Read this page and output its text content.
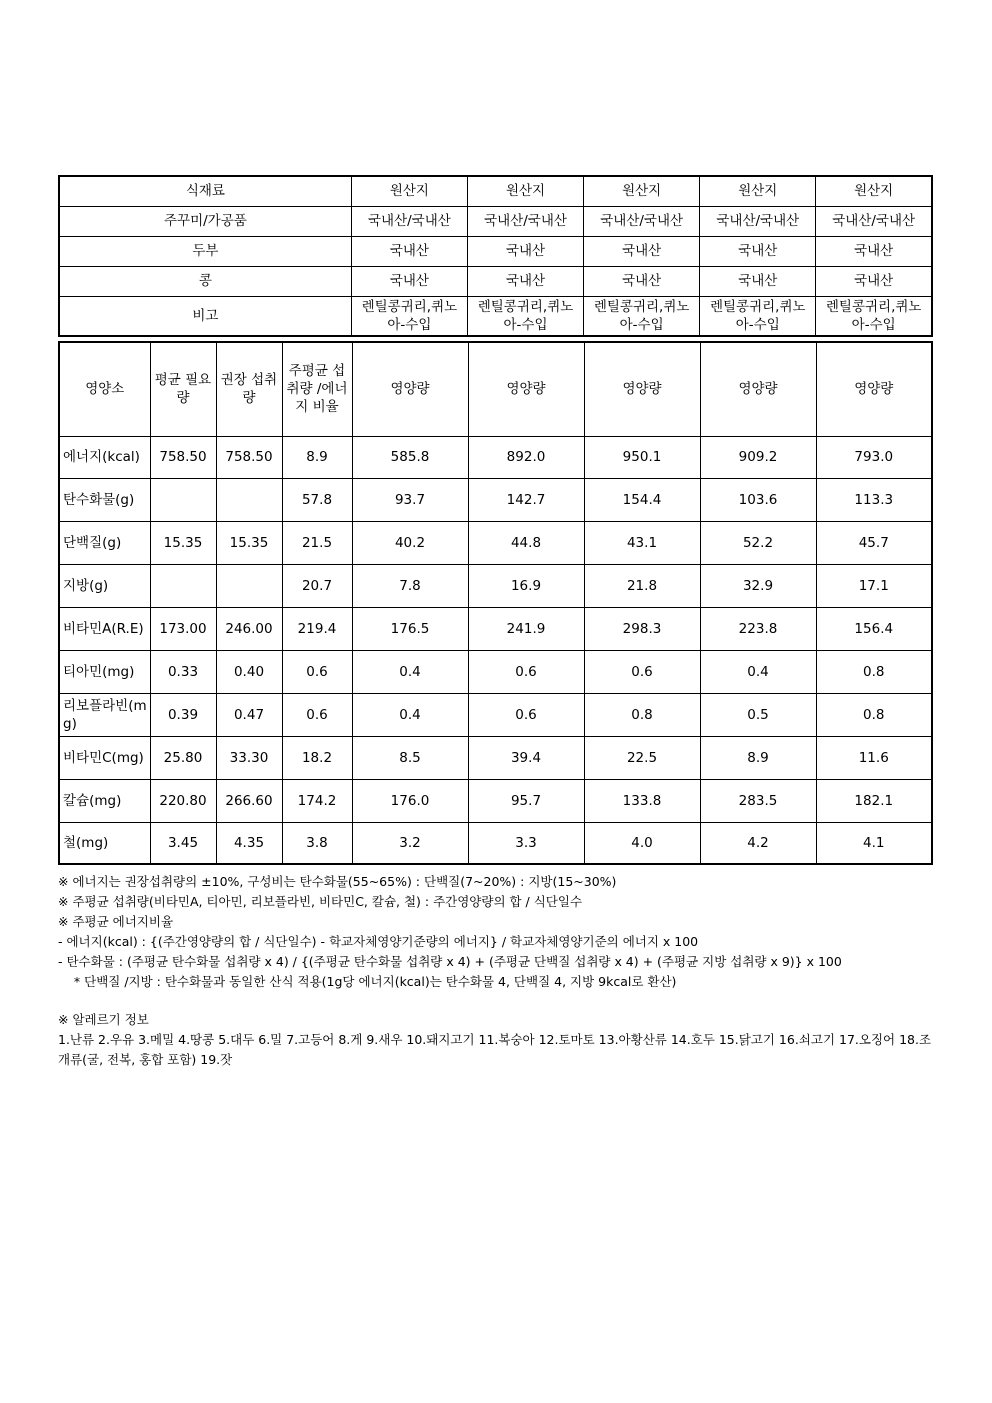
식재료	원산지	원산지	원산지	원산지	원산지
주꾸미/가공품	국내산/국내산	국내산/국내산	국내산/국내산	국내산/국내산	국내산/국내산
두부	국내산	국내산	국내산	국내산	국내산
콩	국내산	국내산	국내산	국내산	국내산
비고	렌틸콩귀리,퀴노아-수입	렌틸콩귀리,퀴노아-수입	렌틸콩귀리,퀴노아-수입	렌틸콩귀리,퀴노아-수입	렌틸콩귀리,퀴노아-수입
영양소	평균 필요량	권장 섭취량	주평균 섭취량 /에너지 비율	영양량	영양량	영양량	영양량	영양량
에너지(kcal)	758.50	758.50	8.9	585.8	892.0	950.1	909.2	793.0
탄수화물(g)			57.8	93.7	142.7	154.4	103.6	113.3
단백질(g)	15.35	15.35	21.5	40.2	44.8	43.1	52.2	45.7
지방(g)			20.7	7.8	16.9	21.8	32.9	17.1
비타민A(R.E)	173.00	246.00	219.4	176.5	241.9	298.3	223.8	156.4
티아민(mg)	0.33	0.40	0.6	0.4	0.6	0.6	0.4	0.8
리보플라빈(mg)	0.39	0.47	0.6	0.4	0.6	0.8	0.5	0.8
비타민C(mg)	25.80	33.30	18.2	8.5	39.4	22.5	8.9	11.6
칼슘(mg)	220.80	266.60	174.2	176.0	95.7	133.8	283.5	182.1
철(mg)	3.45	4.35	3.8	3.2	3.3	4.0	4.2	4.1

※ 에너지는 권장섭취량의 ±10%, 구성비는 탄수화물(55~65%) : 단백질(7~20%) : 지방(15~30%)

※ 주평균 섭취량(비타민A, 티아민, 리보플라빈, 비타민C, 칼슘, 철) : 주간영양량의 합 / 식단일수

※ 주평균 에너지비율

- 에너지(kcal) : {(주간영양량의 합 / 식단일수) - 학교자체영양기준량의 에너지} / 학교자체영양기준의 에너지 x 100

- 탄수화물 : (주평균 탄수화물 섭취량 x 4) / {(주평균 탄수화물 섭취량 x 4) + (주평균 단백질 섭취량 x 4) + (주평균 지방 섭취량 x 9)} x 100

* 단백질 /지방 : 탄수화물과 동일한 산식 적용(1g당 에너지(kcal)는 탄수화물 4, 단백질 4, 지방 9kcal로 환산)

※ 알레르기 정보

1.난류 2.우유 3.메밀 4.땅콩 5.대두 6.밀 7.고등어 8.게 9.새우 10.돼지고기 11.복숭아 12.토마토 13.아황산류 14.호두 15.닭고기 16.쇠고기 17.오징어 18.조개류(굴, 전복, 홍합 포함) 19.잣
